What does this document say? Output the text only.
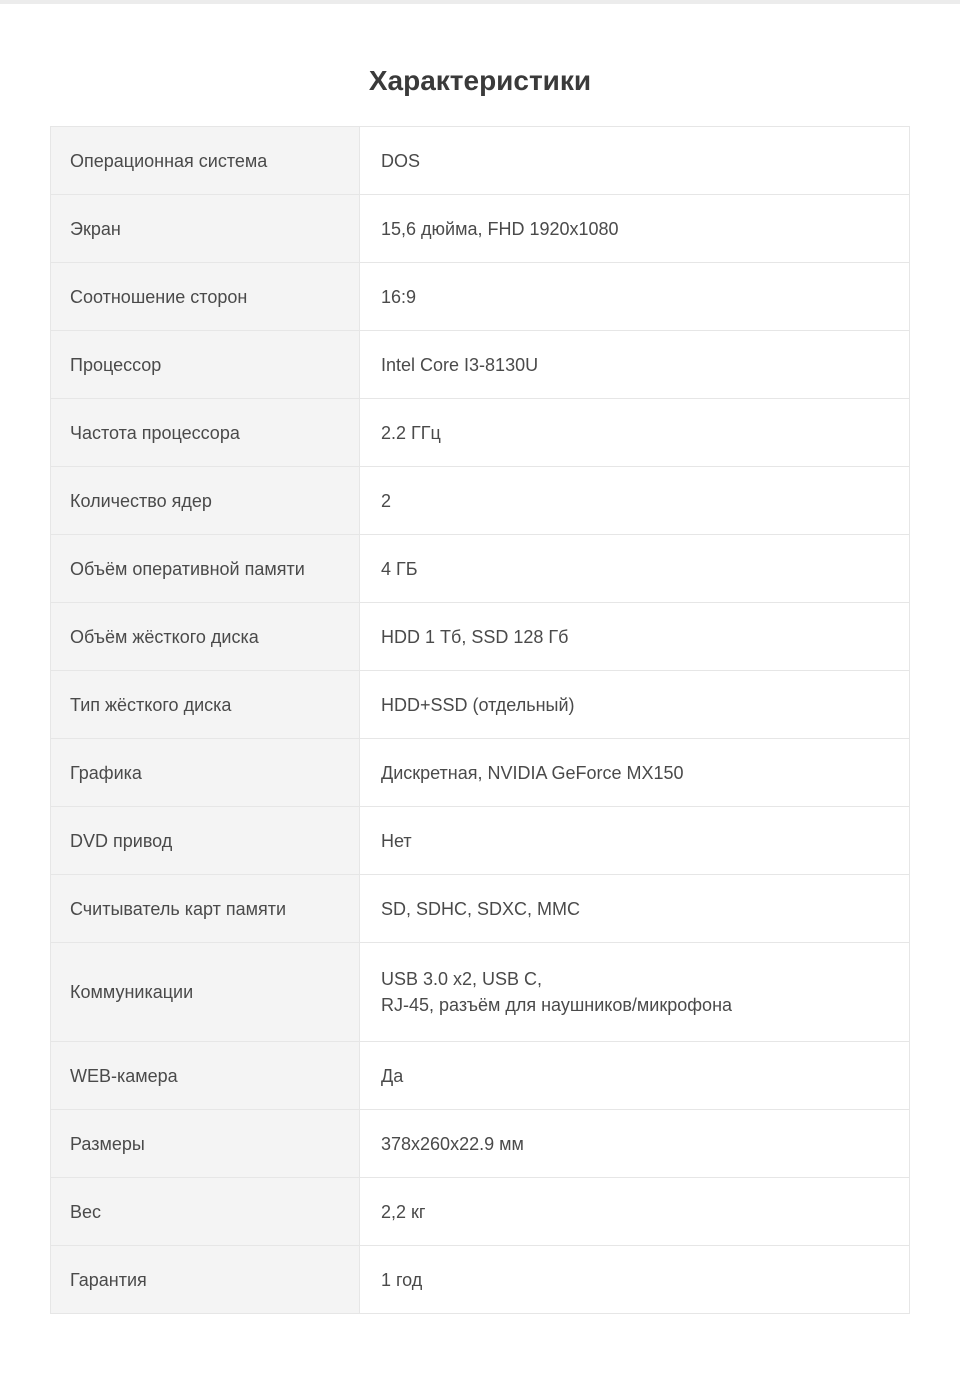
Характеристики
Операционная система	DOS

Экран	15,6 дюйма, FHD 1920x1080

Соотношение сторон	16:9

Процессор	Intel Core I3-8130U

Частота процессора	2.2 ГГц

Количество ядер	2

Объём оперативной памяти	4 ГБ

Объём жёсткого диска	HDD 1 Тб, SSD 128 Гб

Тип жёсткого диска	HDD+SSD (отдельный)

Графика	Дискретная, NVIDIA GeForce MX150

DVD привод	Нет

Считыватель карт памяти	SD, SDHC, SDXC, MMC

Коммуникации	USB 3.0 x2, USB C,
RJ-45, разъём для наушников/микрофона

WEB-камера	Да

Размеры	378x260x22.9 мм

Вес	2,2 кг

Гарантия	1 год
